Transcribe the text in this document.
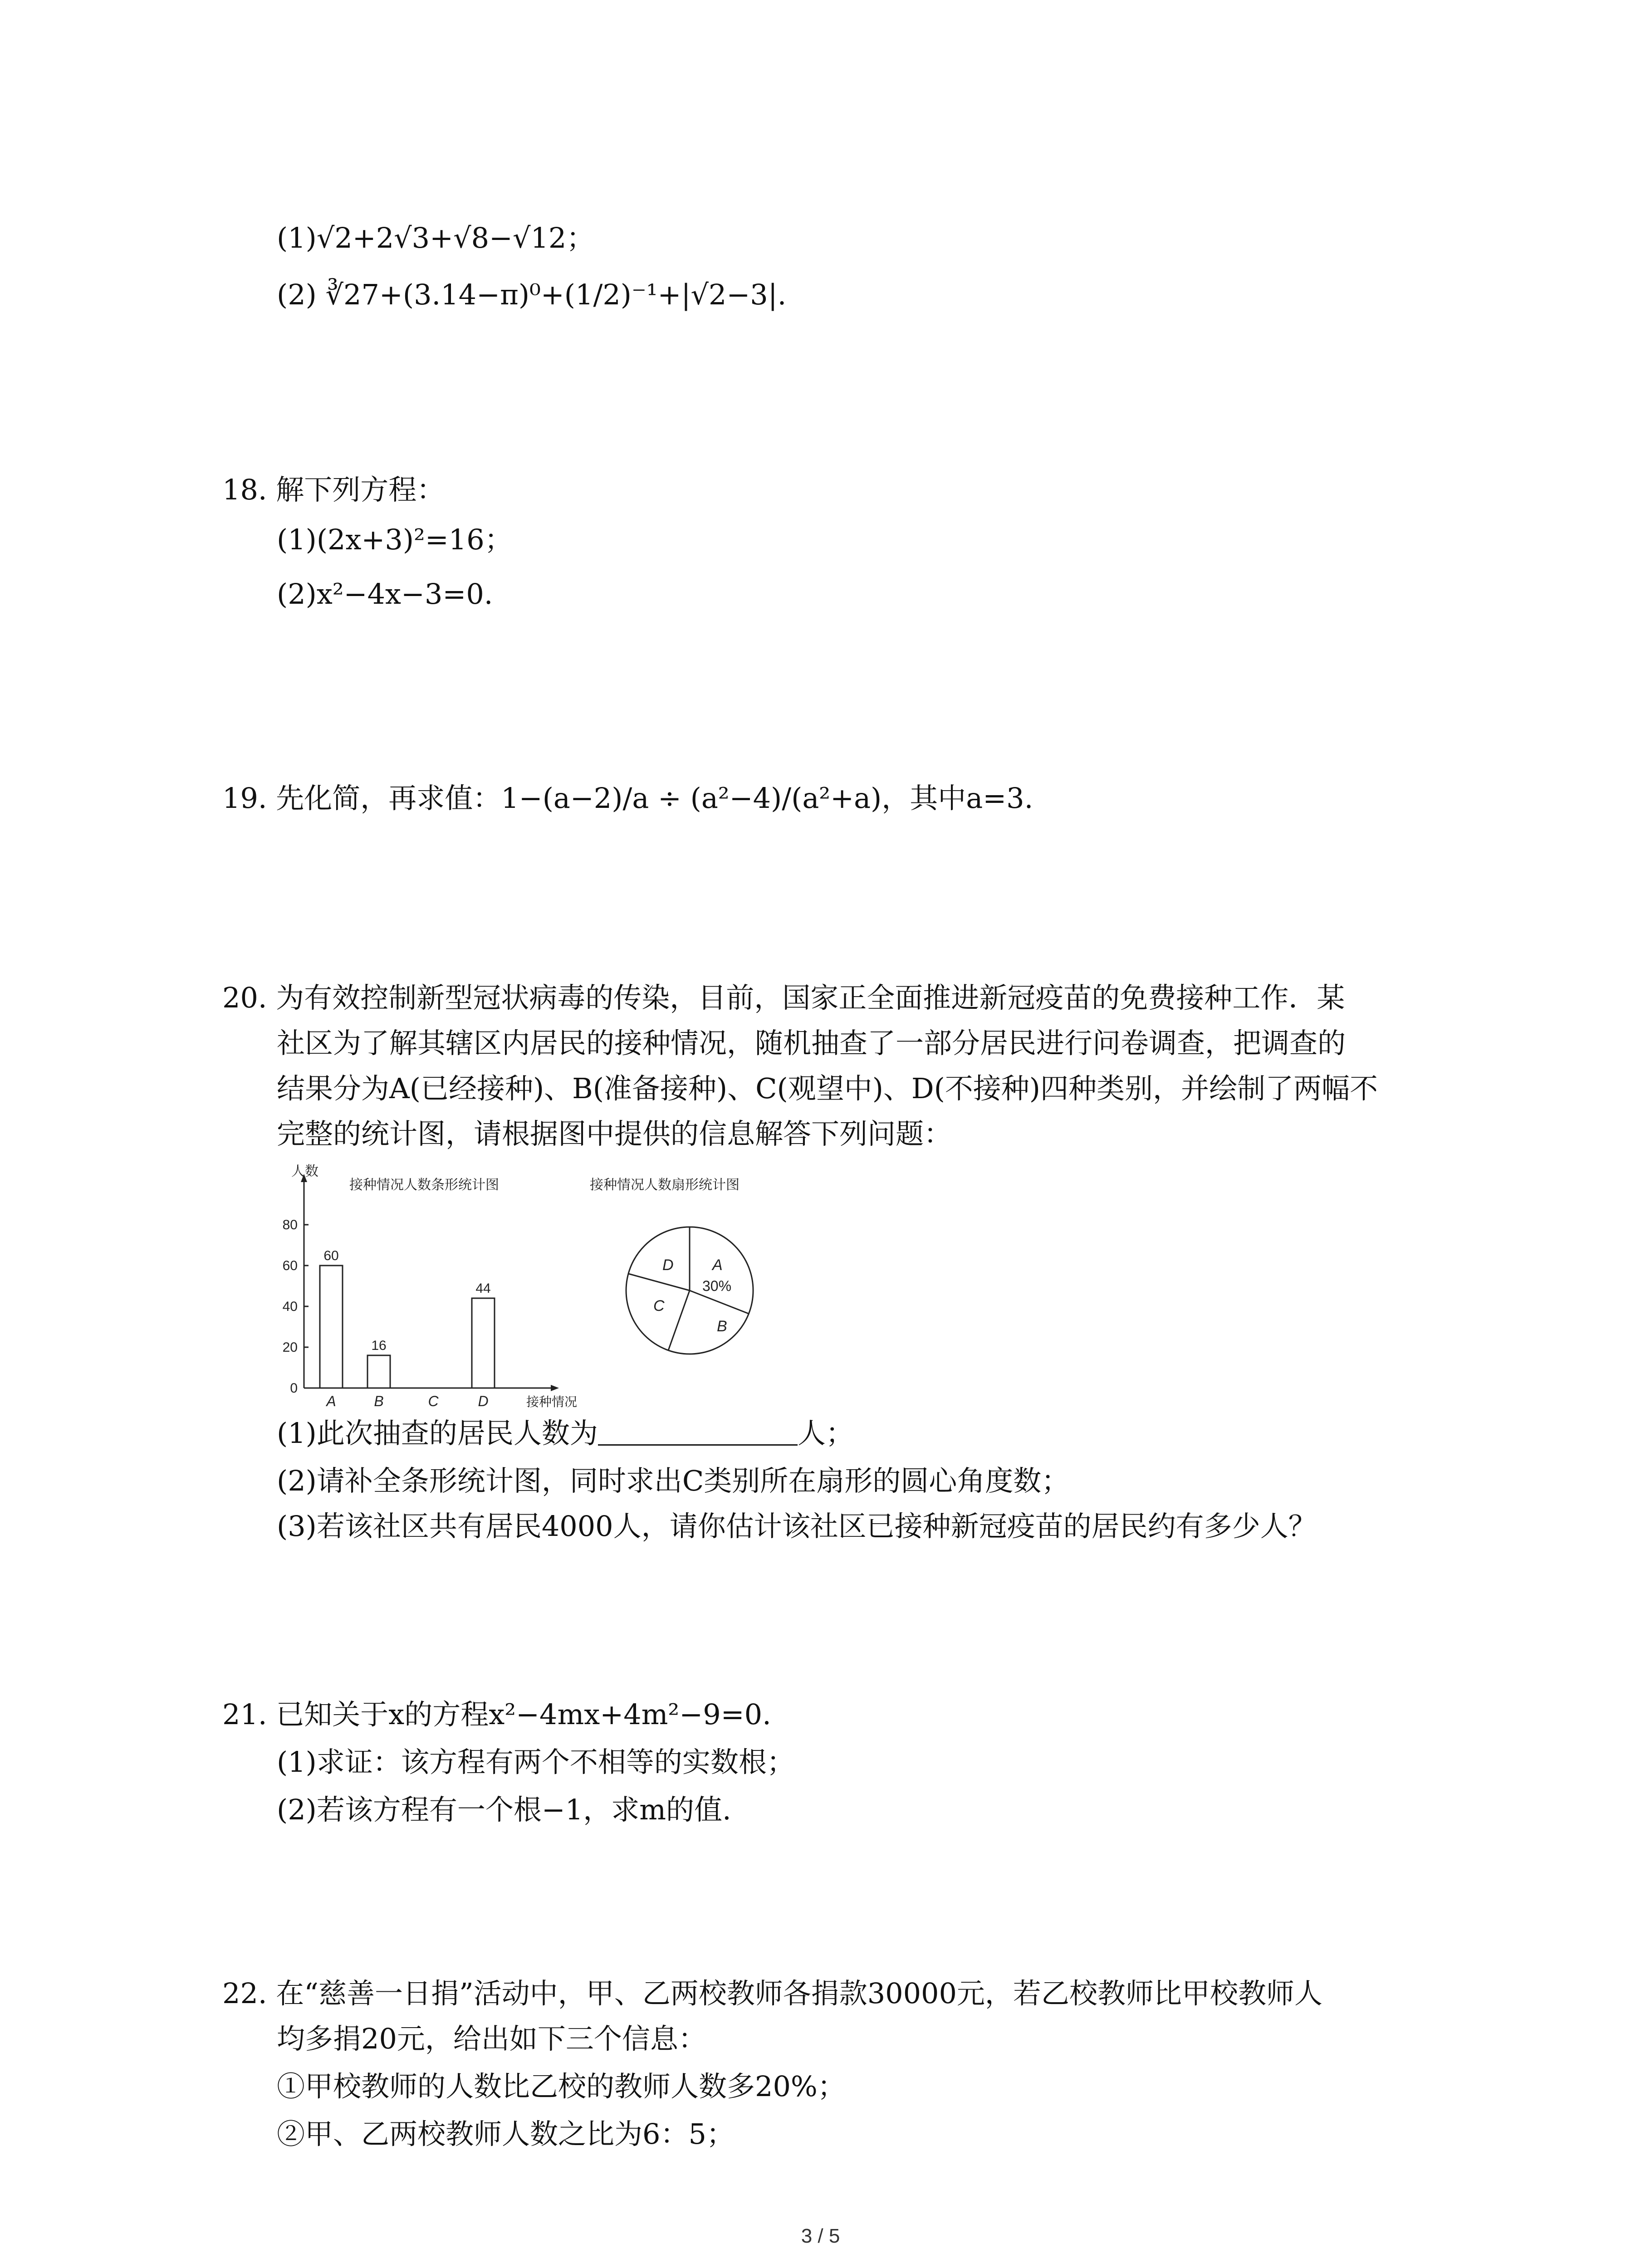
(1)√2+2√3+√8−√12；
(2) ∛27+(3.14−π)⁰+(1/2)⁻¹+|√2−3|.
18. 解下列方程：
(1)(2x+3)²=16；
(2)x²−4x−3=0.
19. 先化简，再求值：1−(a−2)/a ÷ (a²−4)/(a²+a)，其中a=3.
20. 为有效控制新型冠状病毒的传染，目前，国家正全面推进新冠疫苗的免费接种工作．某
社区为了解其辖区内居民的接种情况，随机抽查了一部分居民进行问卷调查，把调查的
结果分为A(已经接种)、B(准备接种)、C(观望中)、D(不接种)四种类别，并绘制了两幅不
完整的统计图，请根据图中提供的信息解答下列问题：
人数
接种情况人数条形统计图
接种情况
0
20
40
60
80
60
A
16
B	C
44
D
接种情况人数扇形统计图
D	A
30%
C
B
(1)此次抽查的居民人数为	人；
(2)请补全条形统计图，同时求出C类别所在扇形的圆心角度数；
(3)若该社区共有居民4000人，请你估计该社区已接种新冠疫苗的居民约有多少人？
21. 已知关于x的方程x²−4mx+4m²−9=0.
(1)求证：该方程有两个不相等的实数根；
(2)若该方程有一个根−1，求m的值.
22. 在“慈善一日捐”活动中，甲、乙两校教师各捐款30000元，若乙校教师比甲校教师人
均多捐20元，给出如下三个信息：
①甲校教师的人数比乙校的教师人数多20%；
②甲、乙两校教师人数之比为6：5；
3 / 5
